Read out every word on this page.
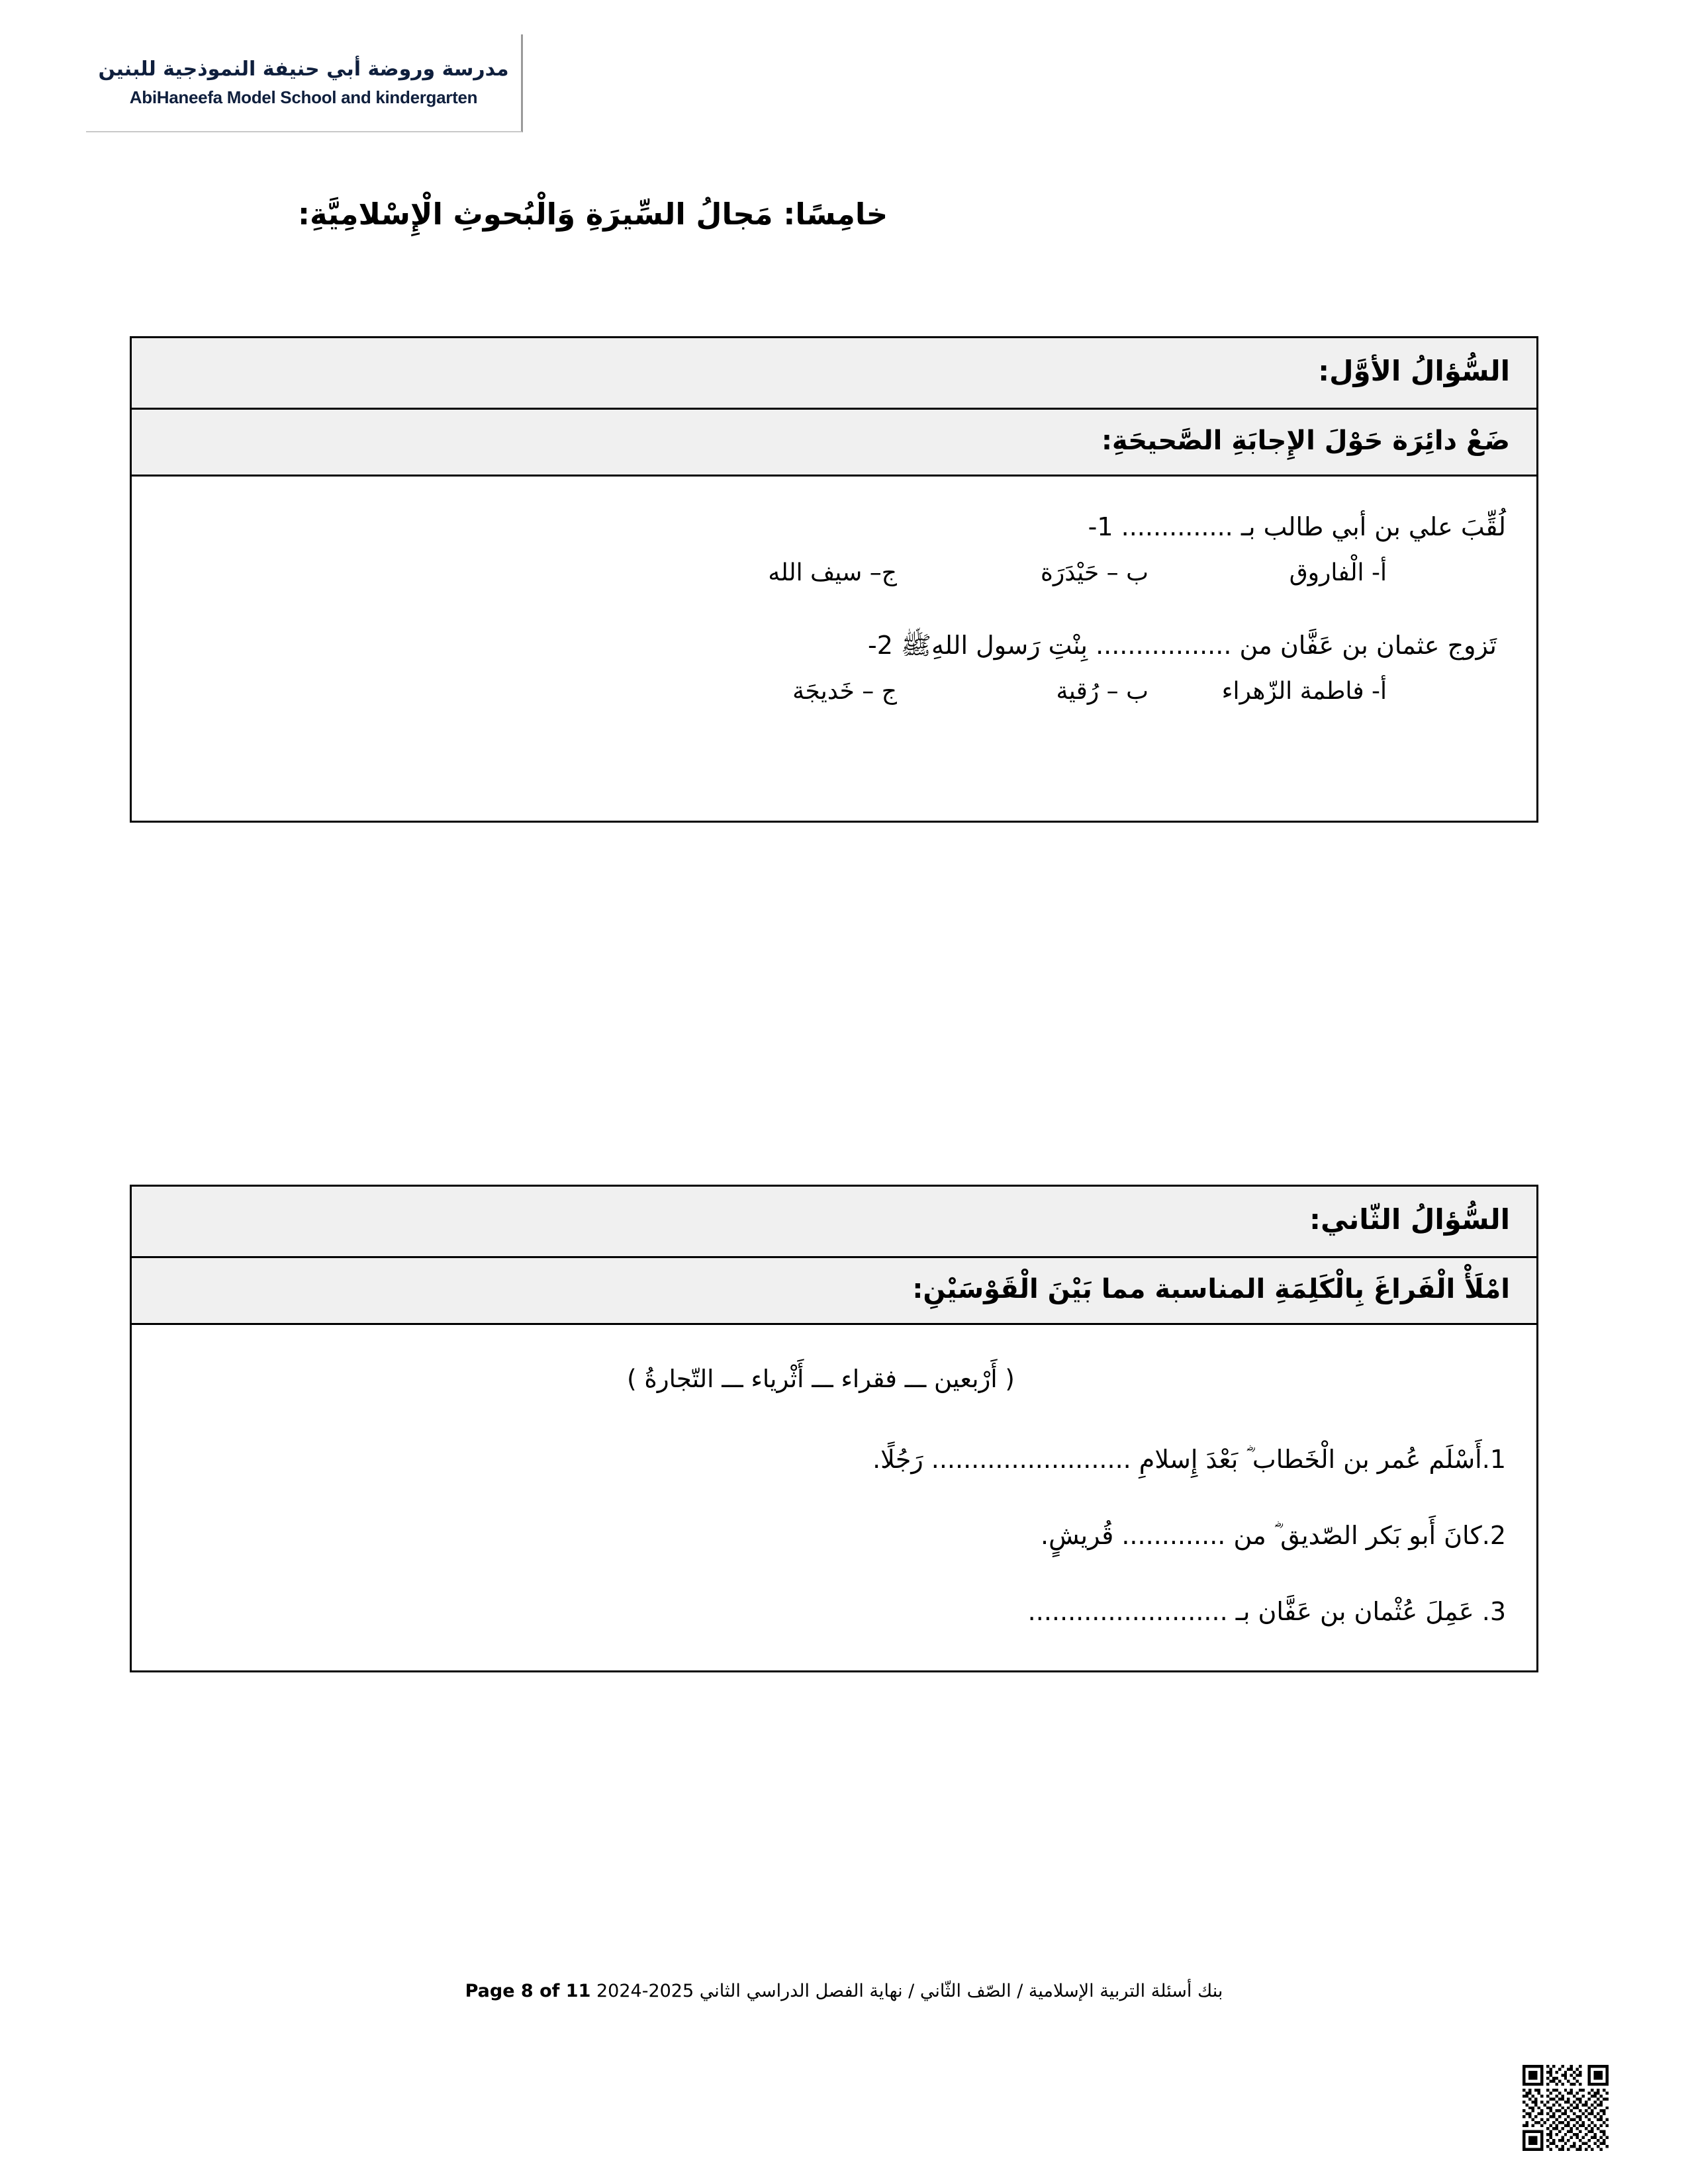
مدرسة وروضة أبي حنيفة النموذجية للبنين
AbiHaneefa Model School and kindergarten
خامِسًا: مَجالُ السِّيرَةِ وَالْبُحوثِ الْإِسْلامِيَّةِ:
السُّؤالُ الأوَّل:
ضَعْ دائِرَة حَوْلَ الإِجابَةِ الصَّحيحَةِ:

لُقِّبَ علي بن أبي طالب بـ .............. 1-

أ- الْفاروق
ب – حَيْدَرَة
ج– سيف الله

تَزوج عثمان بن عَفَّان من ................. بِنْتِ رَسول اللهِﷺ 2-

أ- فاطمة الزّهراء
ب – رُقية
ج – خَديجَة
السُّؤالُ الثّاني:
امْلَأْ الْفَراغَ بِالْكَلِمَةِ المناسبة مما بَيْنَ الْقَوْسَيْنِ:

( أَرْبعين ـــ فقراء ـــ أَثْرياء ـــ التّجارةُ )

1.أَسْلَم عُمر بن الْخَطاب ؓ بَعْدَ إِسلامِ ......................... رَجُلًا.

2.كانَ أَبو بَكر الصّديق ؓ من ............. قُريشٍ.

3. عَمِلَ عُثْمان بن عَفَّان بـ .........................

بنك أسئلة التربية الإسلامية / الصّف الثّاني / نهاية الفصل الدراسي الثاني 2025-2024 Page 8 of 11
